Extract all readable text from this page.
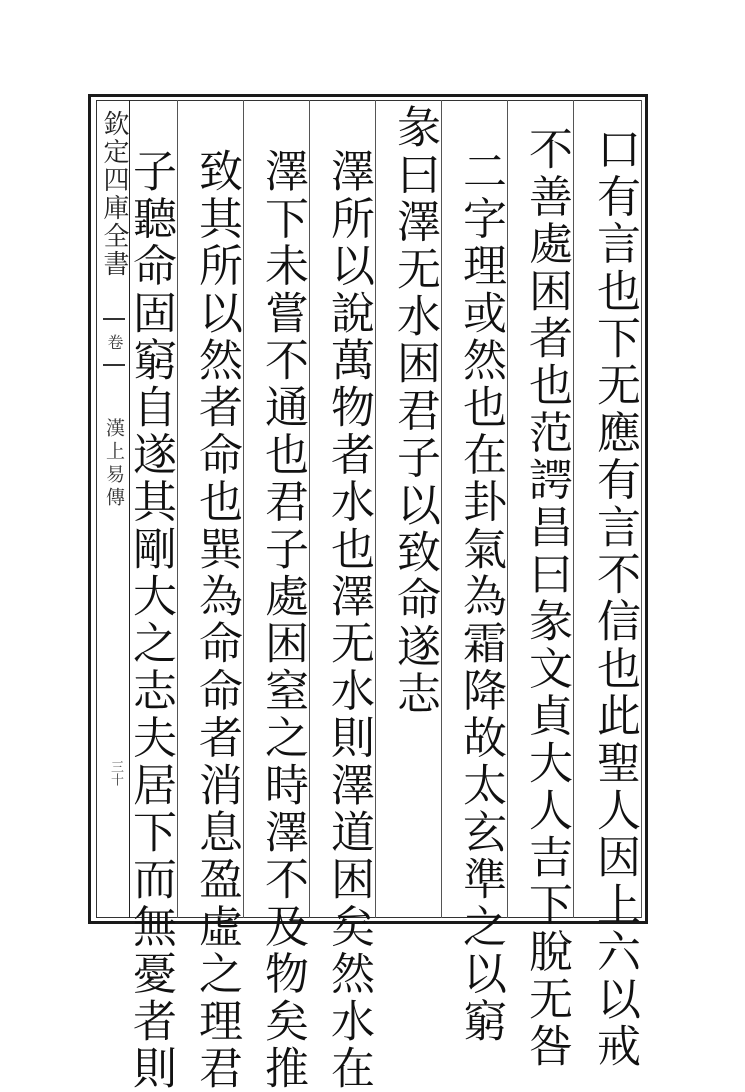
欽定四庫全書
卷
漢上易傳
三十	口有言也下无應有言不信也此聖人因上六以戒
不善處困者也范諤昌曰彖文貞大人吉下脫无咎
二字理或然也在卦氣為霜降故太玄準之以窮
彖曰澤无水困君子以致命遂志
澤所以說萬物者水也澤无水則澤道困矣然水在
澤下未嘗不通也君子處困窒之時澤不及物矣推
致其所以然者命也巽為命命者消息盈虛之理君
子聽命固窮自遂其剛大之志夫居下而無憂者則
